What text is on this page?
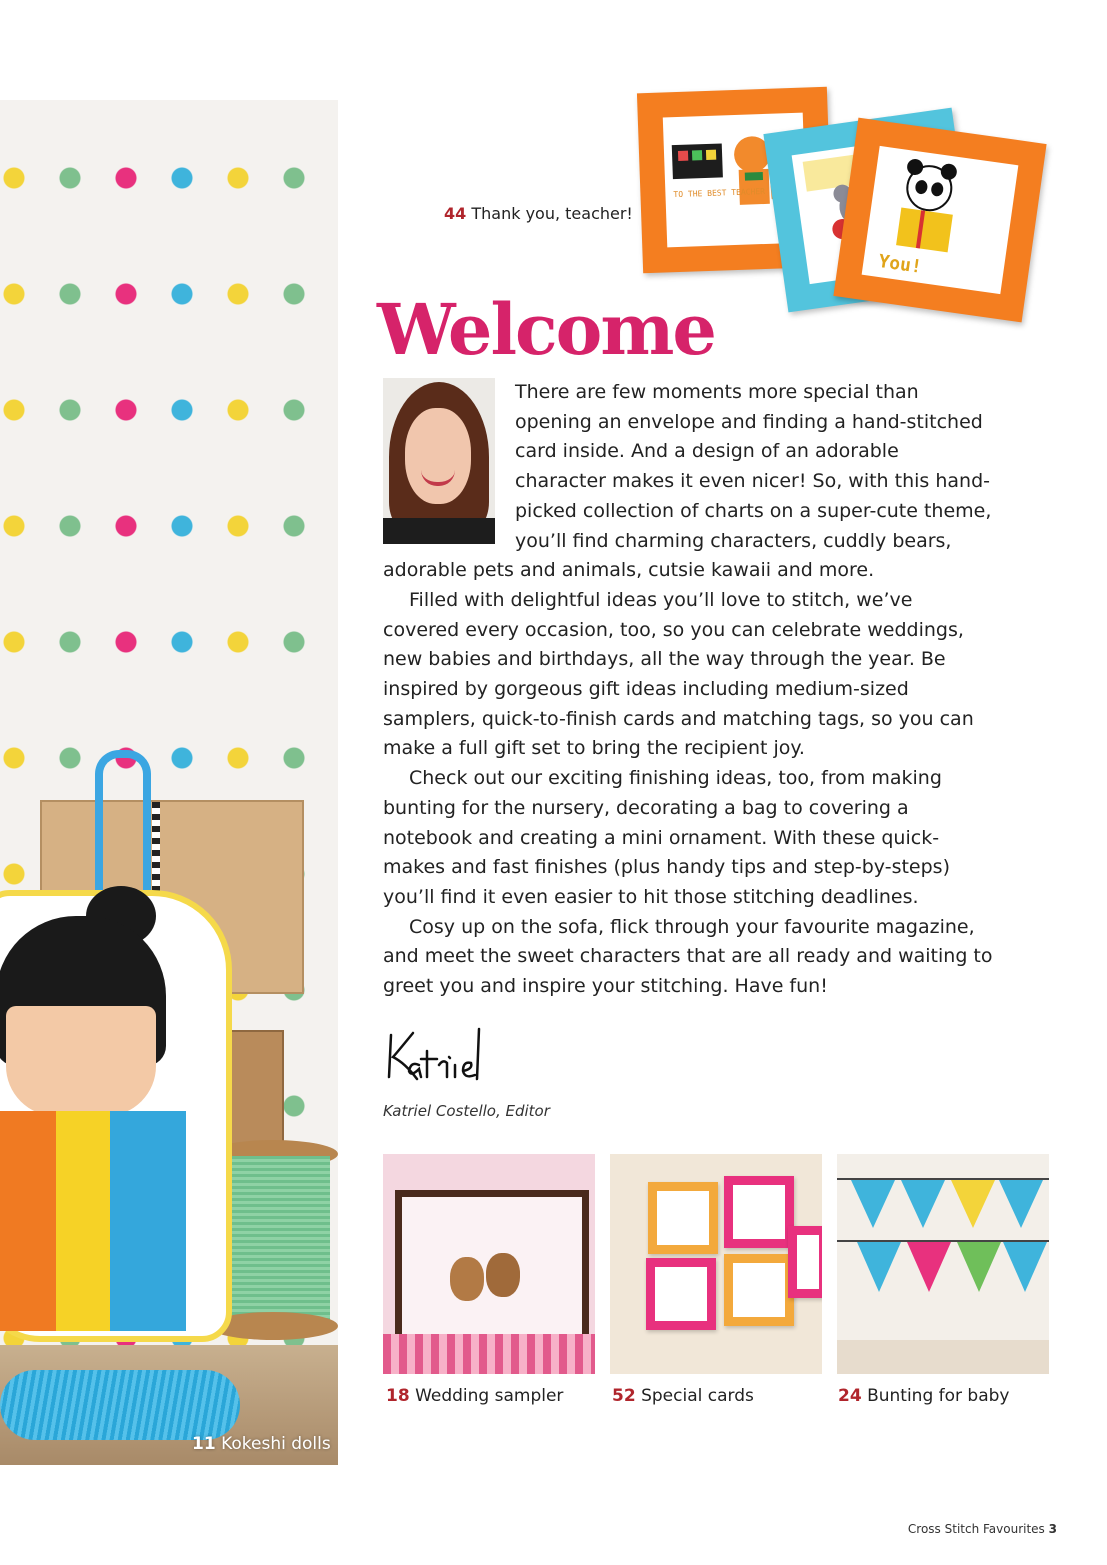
11 Kokeshi dolls
TO THE BEST TEACHER
You!
44 Thank you, teacher!
Welcome

There are few moments more special than opening an envelope and finding a hand-stitched card inside. And a design of an adorable character makes it even nicer! So, with this hand-picked collection of charts on a super-cute theme, you’ll find charming characters, cuddly bears, adorable pets and animals, cutsie kawaii and more.

Filled with delightful ideas you’ll love to stitch, we’ve covered every occasion, too, so you can celebrate weddings, new babies and birthdays, all the way through the year. Be inspired by gorgeous gift ideas including medium-sized samplers, quick-to-finish cards and matching tags, so you can make a full gift set to bring the recipient joy.

Check out our exciting finishing ideas, too, from making bunting for the nursery, decorating a bag to covering a notebook and creating a mini ornament. With these quick-makes and fast finishes (plus handy tips and step-by-steps) you’ll find it even easier to hit those stitching deadlines.

Cosy up on the sofa, flick through your favourite magazine, and meet the sweet characters that are all ready and waiting to greet you and inspire your stitching. Have fun!

Katriel
Katriel Costello, Editor
18 Wedding sampler	52 Special cards	24 Bunting for baby
Cross Stitch Favourites 3
